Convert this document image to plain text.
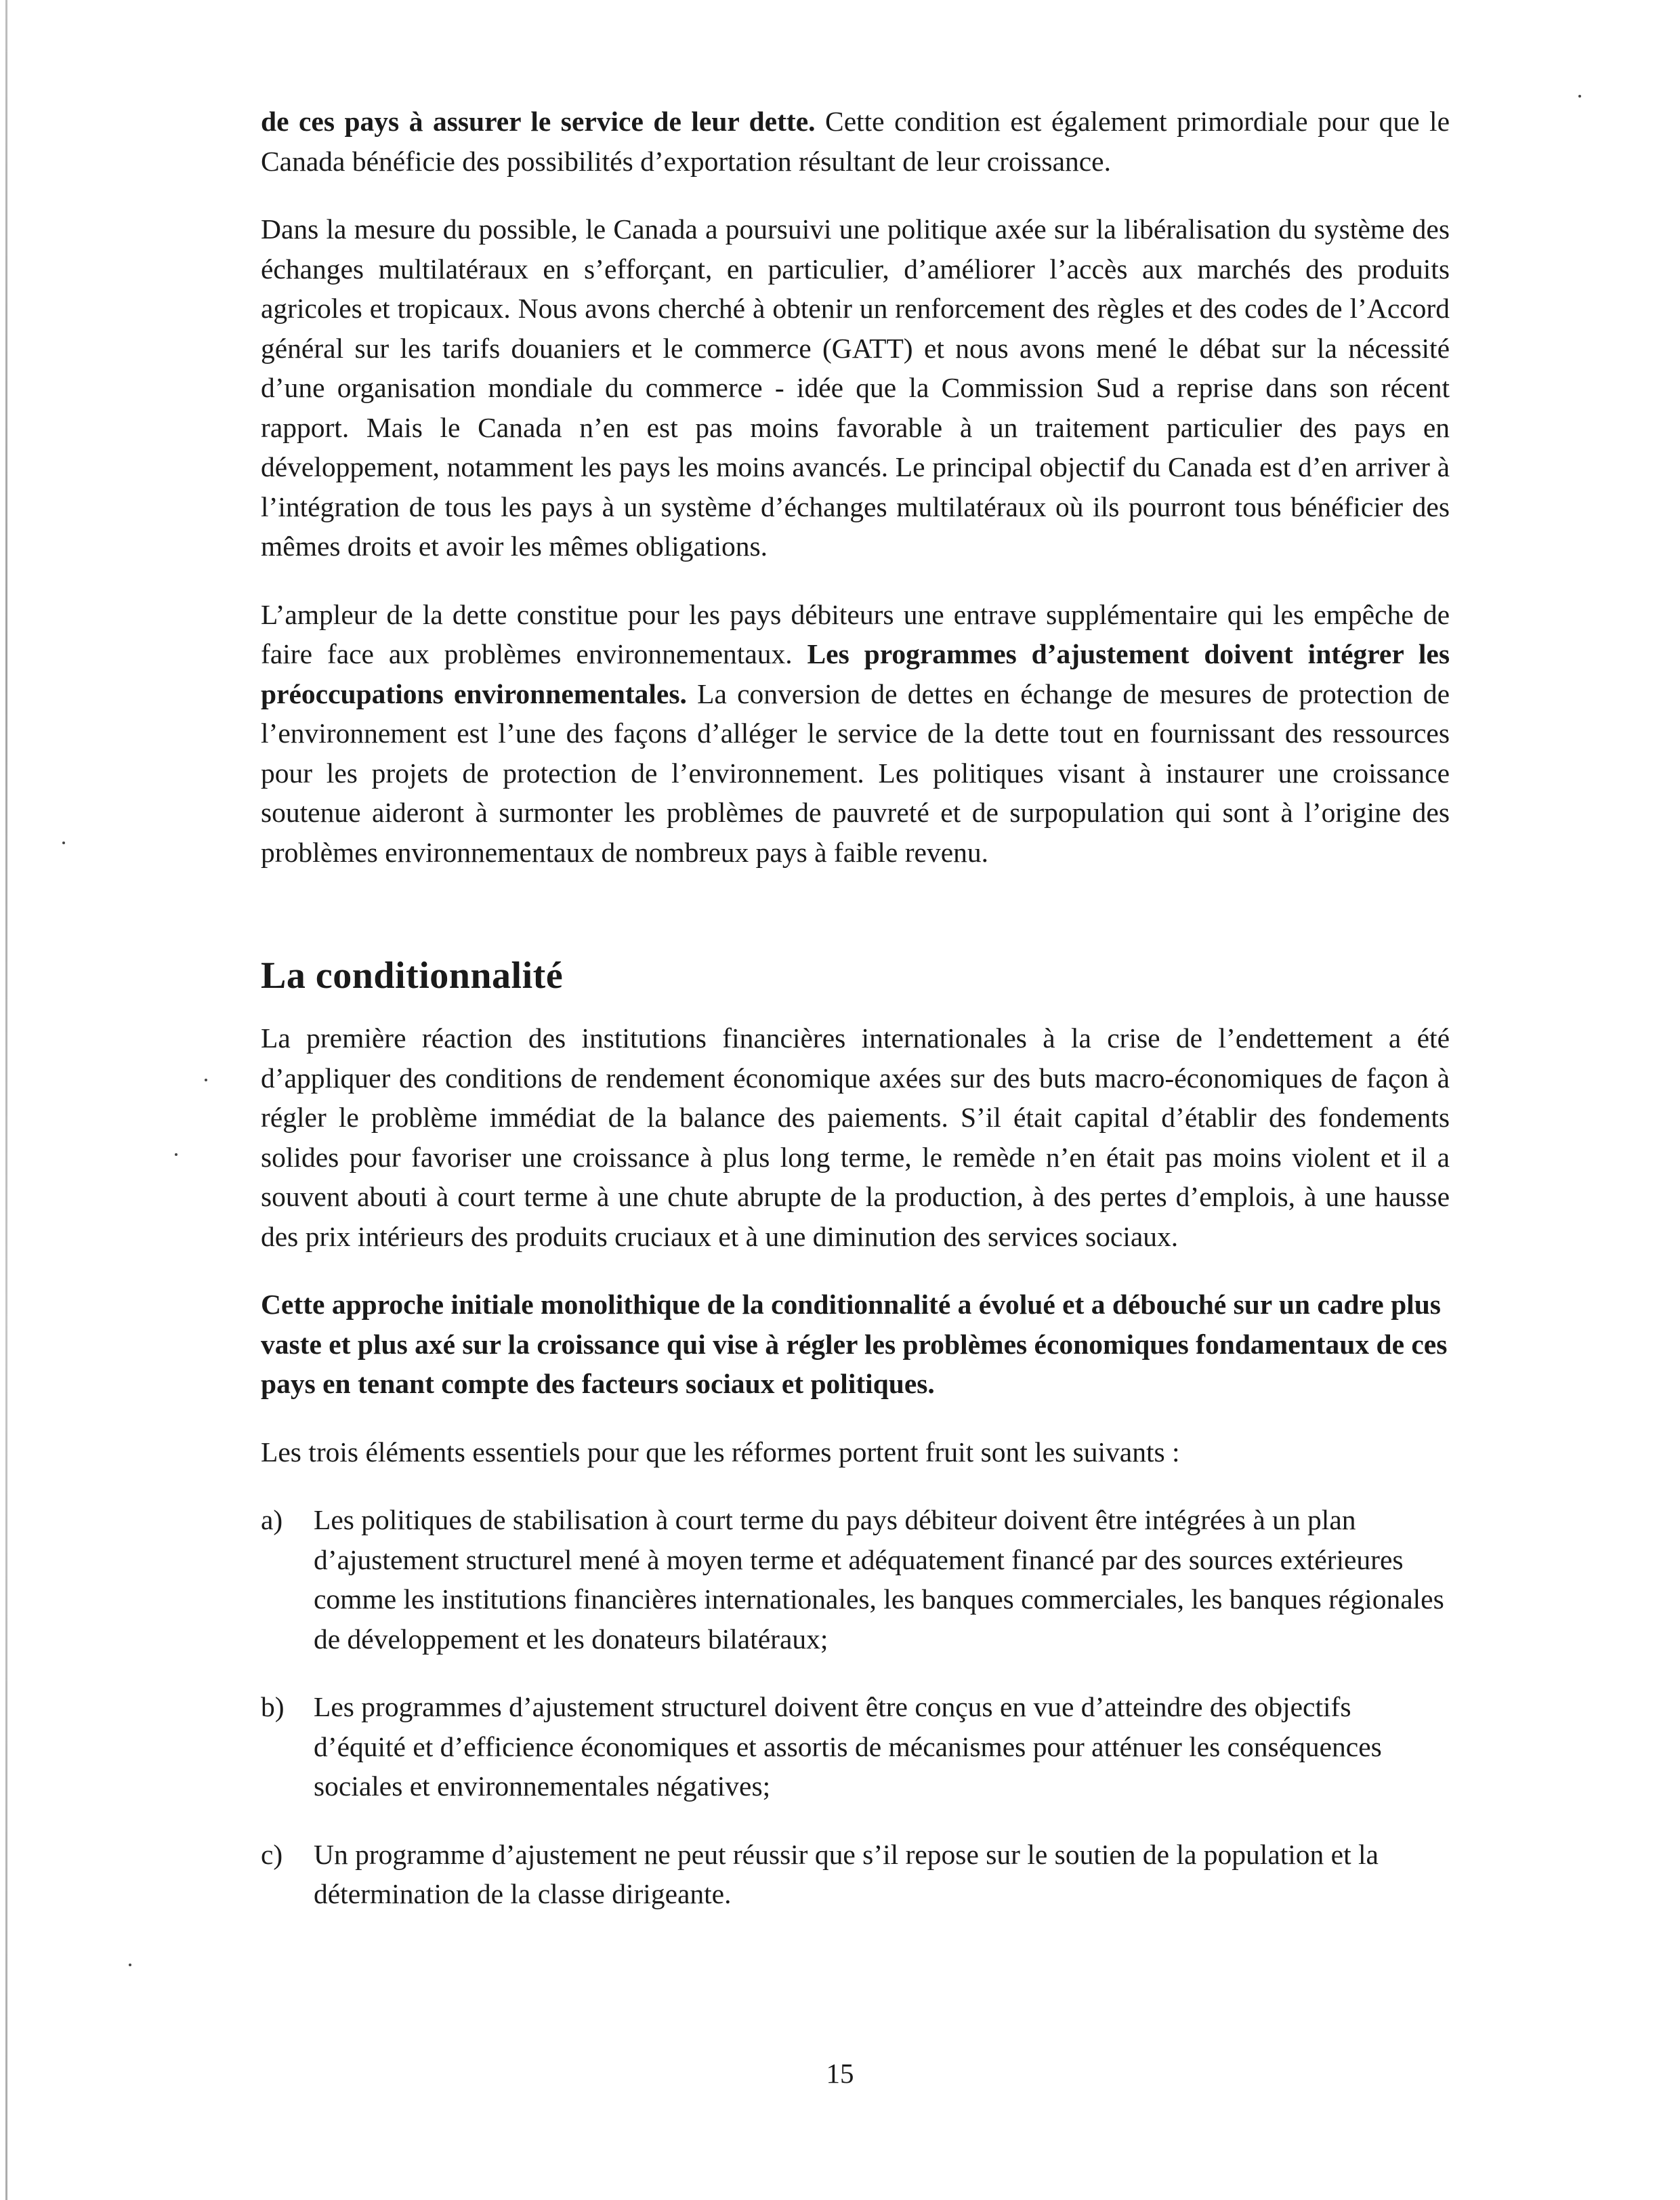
de ces pays à assurer le service de leur dette. Cette condition est également primordiale pour que le Canada bénéficie des possibilités d’exportation résultant de leur croissance.

Dans la mesure du possible, le Canada a poursuivi une politique axée sur la libéralisation du système des échanges multilatéraux en s’efforçant, en particulier, d’améliorer l’accès aux marchés des produits agricoles et tropicaux. Nous avons cherché à obtenir un renforcement des règles et des codes de l’Accord général sur les tarifs douaniers et le commerce (GATT) et nous avons mené le débat sur la nécessité d’une organisation mondiale du commerce - idée que la Commission Sud a reprise dans son récent rapport. Mais le Canada n’en est pas moins favorable à un traitement particulier des pays en développement, notamment les pays les moins avancés. Le principal objectif du Canada est d’en arriver à l’intégration de tous les pays à un système d’échanges multilatéraux où ils pourront tous bénéficier des mêmes droits et avoir les mêmes obligations.

L’ampleur de la dette constitue pour les pays débiteurs une entrave supplémentaire qui les empêche de faire face aux problèmes environnementaux. Les programmes d’ajustement doivent intégrer les préoccupations environnementales. La conversion de dettes en échange de mesures de protection de l’environnement est l’une des façons d’alléger le service de la dette tout en fournissant des ressources pour les projets de protection de l’environnement. Les politiques visant à instaurer une croissance soutenue aideront à surmonter les problèmes de pauvreté et de surpopulation qui sont à l’origine des problèmes environnementaux de nombreux pays à faible revenu.

La conditionnalité

La première réaction des institutions financières internationales à la crise de l’endettement a été d’appliquer des conditions de rendement économique axées sur des buts macro-économiques de façon à régler le problème immédiat de la balance des paiements. S’il était capital d’établir des fondements solides pour favoriser une croissance à plus long terme, le remède n’en était pas moins violent et il a souvent abouti à court terme à une chute abrupte de la production, à des pertes d’emplois, à une hausse des prix intérieurs des produits cruciaux et à une diminution des services sociaux.

Cette approche initiale monolithique de la conditionnalité a évolué et a débouché sur un cadre plus vaste et plus axé sur la croissance qui vise à régler les problèmes économiques fondamentaux de ces pays en tenant compte des facteurs sociaux et politiques.

Les trois éléments essentiels pour que les réformes portent fruit sont les suivants :

a) Les politiques de stabilisation à court terme du pays débiteur doivent être intégrées à un plan d’ajustement structurel mené à moyen terme et adéquatement financé par des sources extérieures comme les institutions financières internationales, les banques commerciales, les banques régionales de développement et les donateurs bilatéraux;

b) Les programmes d’ajustement structurel doivent être conçus en vue d’atteindre des objectifs d’équité et d’efficience économiques et assortis de mécanismes pour atténuer les conséquences sociales et environnementales négatives;

c) Un programme d’ajustement ne peut réussir que s’il repose sur le soutien de la population et la détermination de la classe dirigeante.

15
